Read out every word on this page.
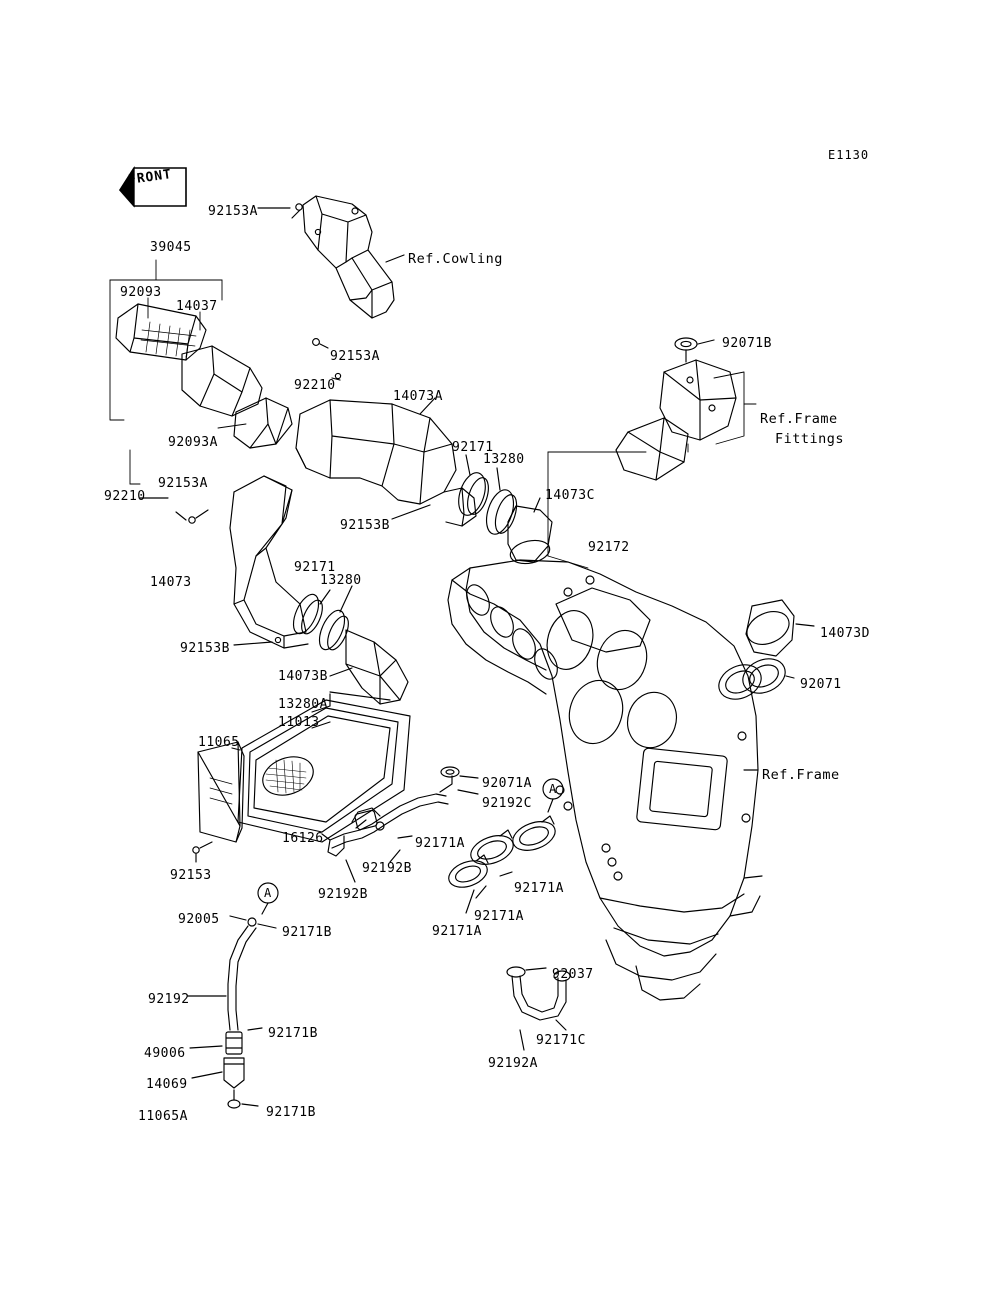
E1130
FRONT
Ref.Cowling
Ref.Frame
Fittings
Ref.Frame
92153A
39045
92093
14037
92153A
92210
14073A
92071B
92093A	92171
13280
14073C
92210
92153A
92153B
92172
14073
92171
13280
14073D
92071
92153B
14073B
13280A
11013
11065
92071A
92192C
16126	92171A
92192B
92153
92171A
92192B
92171A
92005
92171A
92171B
92037
92192
92171B	92171C
49006
92192A
14069
11065A	92171B
A
A
